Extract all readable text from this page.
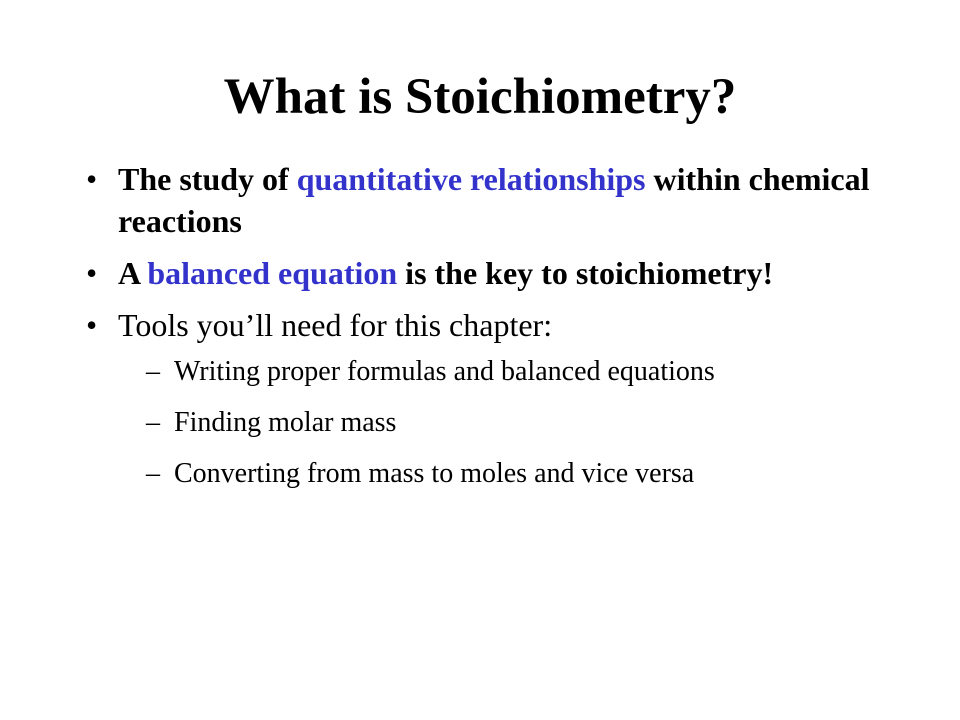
What is Stoichiometry?
• The study of quantitative relationships within chemical reactions
• A balanced equation is the key to stoichiometry!
• Tools you’ll need for this chapter:
– Writing proper formulas and balanced equations
– Finding molar mass
– Converting from mass to moles and vice versa
